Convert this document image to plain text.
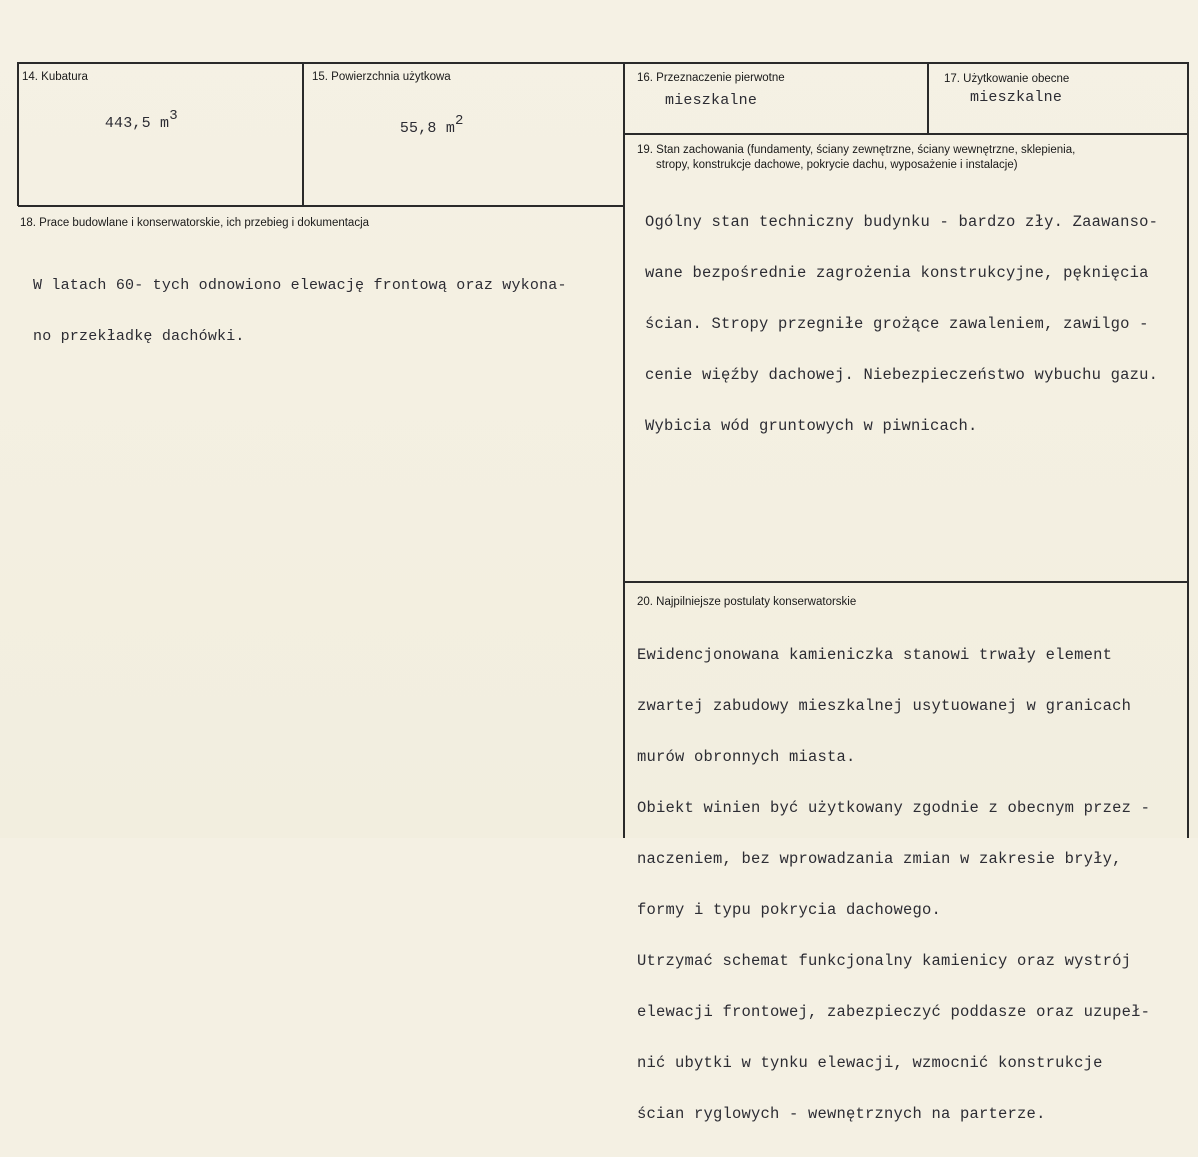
14. Kubatura

443,5 $m^3$

15. Powierzchnia użytkowa

55,8 $m^2$

16. Przeznaczenie pierwotne
mieszkalne
17. Użytkowanie obecne
mieszkalne
19. Stan zachowania (fundamenty, ściany zewnętrzne, ściany wewnętrzne, sklepienia,
stropy, konstrukcje dachowe, pokrycie dachu, wyposażenie i instalacje)

Ogólny stan techniczny budynku - bardzo zły. Zaawanso-

wane bezpośrednie zagrożenia konstrukcyjne, pęknięcia

ścian. Stropy przegniłe grożące zawaleniem, zawilgo -

cenie więźby dachowej. Niebezpieczeństwo wybuchu gazu.

Wybicia wód gruntowych w piwnicach.

18. Prace budowlane i konserwatorskie, ich przebieg i dokumentacja

W latach 60- tych odnowiono elewację frontową oraz wykona-

no przekładkę dachówki.

20. Najpilniejsze postulaty konserwatorskie

Ewidencjonowana kamieniczka stanowi trwały element

zwartej zabudowy mieszkalnej usytuowanej w granicach

murów obronnych miasta.

Obiekt winien być użytkowany zgodnie z obecnym przez -

naczeniem, bez wprowadzania zmian w zakresie bryły,

formy i typu pokrycia dachowego.

Utrzymać schemat funkcjonalny kamienicy oraz wystrój

elewacji frontowej, zabezpieczyć poddasze oraz uzupeł-

nić ubytki w tynku elewacji, wzmocnić konstrukcje

ścian ryglowych - wewnętrznych na parterze.
